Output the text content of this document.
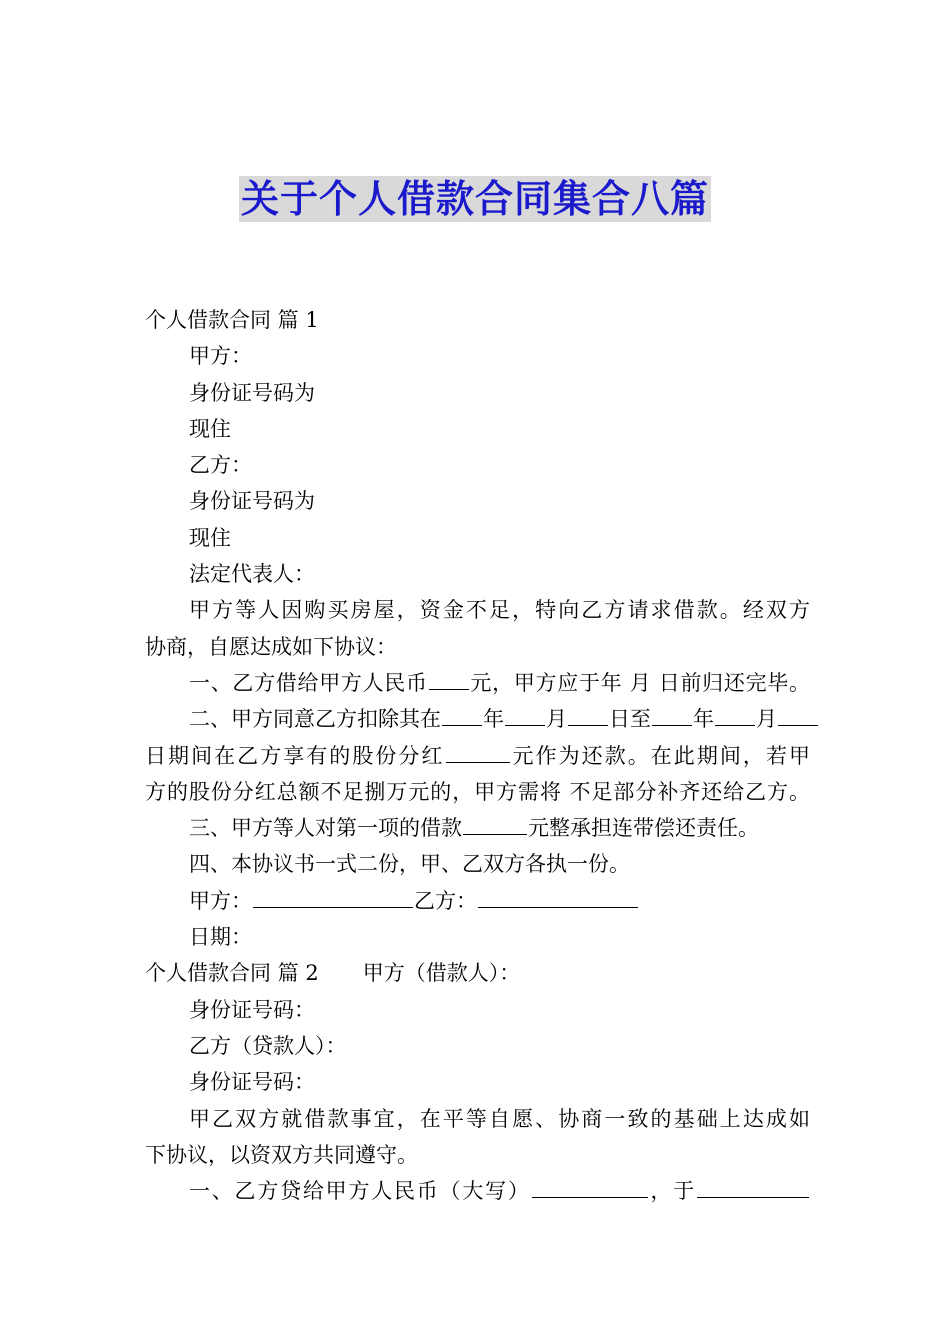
关于个人借款合同集合八篇
个人借款合同 篇 1
甲方：
身份证号码为
现住
乙方：
身份证号码为
现住
法定代表人：
甲方等人因购买房屋，资金不足，特向乙方请求借款。经双方
协商，自愿达成如下协议：
一、乙方借给甲方人民币 元，甲方应于年 月 日前归还完毕。
二、甲方同意乙方扣除其在 年 月 日至 年 月
日期间在乙方享有的股份分红	元作为还款。在此期间，若甲
方的股份分红总额不足捌万元的，甲方需将 不足部分补齐还给乙方。
三、甲方等人对第一项的借款	元整承担连带偿还责任。
四、本协议书一式二份，甲、乙双方各执一份。
甲方：	乙方：
日期：
个人借款合同 篇 2 甲方（借款人）：
身份证号码：
乙方（贷款人）：
身份证号码：
甲乙双方就借款事宜，在平等自愿、协商一致的基础上达成如
下协议，以资双方共同遵守。
一、乙方贷给甲方人民币（大写）	，于
